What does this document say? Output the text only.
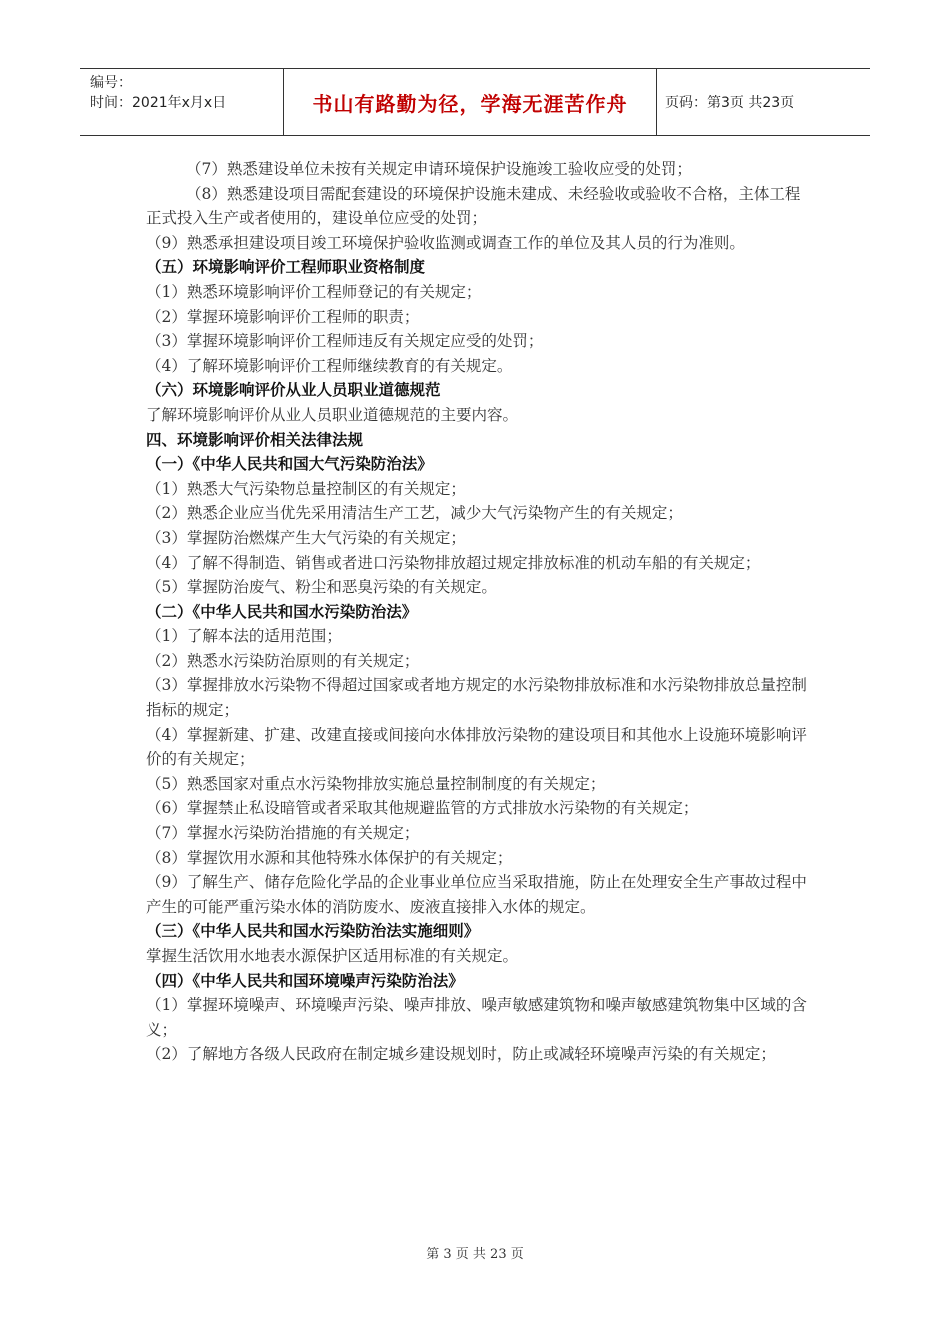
编号：
时间：2021年x月x日	书山有路勤为径，学海无涯苦作舟	页码：第3页 共23页

（7）熟悉建设单位未按有关规定申请环境保护设施竣工验收应受的处罚；

（8）熟悉建设项目需配套建设的环境保护设施未建成、未经验收或验收不合格，主体工程正式投入生产或者使用的，建设单位应受的处罚；

（9）熟悉承担建设项目竣工环境保护验收监测或调查工作的单位及其人员的行为准则。

（五）环境影响评价工程师职业资格制度

（1）熟悉环境影响评价工程师登记的有关规定；

（2）掌握环境影响评价工程师的职责；

（3）掌握环境影响评价工程师违反有关规定应受的处罚；

（4）了解环境影响评价工程师继续教育的有关规定。

（六）环境影响评价从业人员职业道德规范

了解环境影响评价从业人员职业道德规范的主要内容。

四、环境影响评价相关法律法规

（一）《中华人民共和国大气污染防治法》

（1）熟悉大气污染物总量控制区的有关规定；

（2）熟悉企业应当优先采用清洁生产工艺，减少大气污染物产生的有关规定；

（3）掌握防治燃煤产生大气污染的有关规定；

（4）了解不得制造、销售或者进口污染物排放超过规定排放标准的机动车船的有关规定；

（5）掌握防治废气、粉尘和恶臭污染的有关规定。

（二）《中华人民共和国水污染防治法》

（1）了解本法的适用范围；

（2）熟悉水污染防治原则的有关规定；

（3）掌握排放水污染物不得超过国家或者地方规定的水污染物排放标准和水污染物排放总量控制指标的规定；

（4）掌握新建、扩建、改建直接或间接向水体排放污染物的建设项目和其他水上设施环境影响评价的有关规定；

（5）熟悉国家对重点水污染物排放实施总量控制制度的有关规定；

（6）掌握禁止私设暗管或者采取其他规避监管的方式排放水污染物的有关规定；

（7）掌握水污染防治措施的有关规定；

（8）掌握饮用水源和其他特殊水体保护的有关规定；

（9）了解生产、储存危险化学品的企业事业单位应当采取措施，防止在处理安全生产事故过程中产生的可能严重污染水体的消防废水、废液直接排入水体的规定。

（三）《中华人民共和国水污染防治法实施细则》

掌握生活饮用水地表水源保护区适用标准的有关规定。

（四）《中华人民共和国环境噪声污染防治法》

（1）掌握环境噪声、环境噪声污染、噪声排放、噪声敏感建筑物和噪声敏感建筑物集中区域的含义；

（2）了解地方各级人民政府在制定城乡建设规划时，防止或减轻环境噪声污染的有关规定；

第 3 页 共 23 页
